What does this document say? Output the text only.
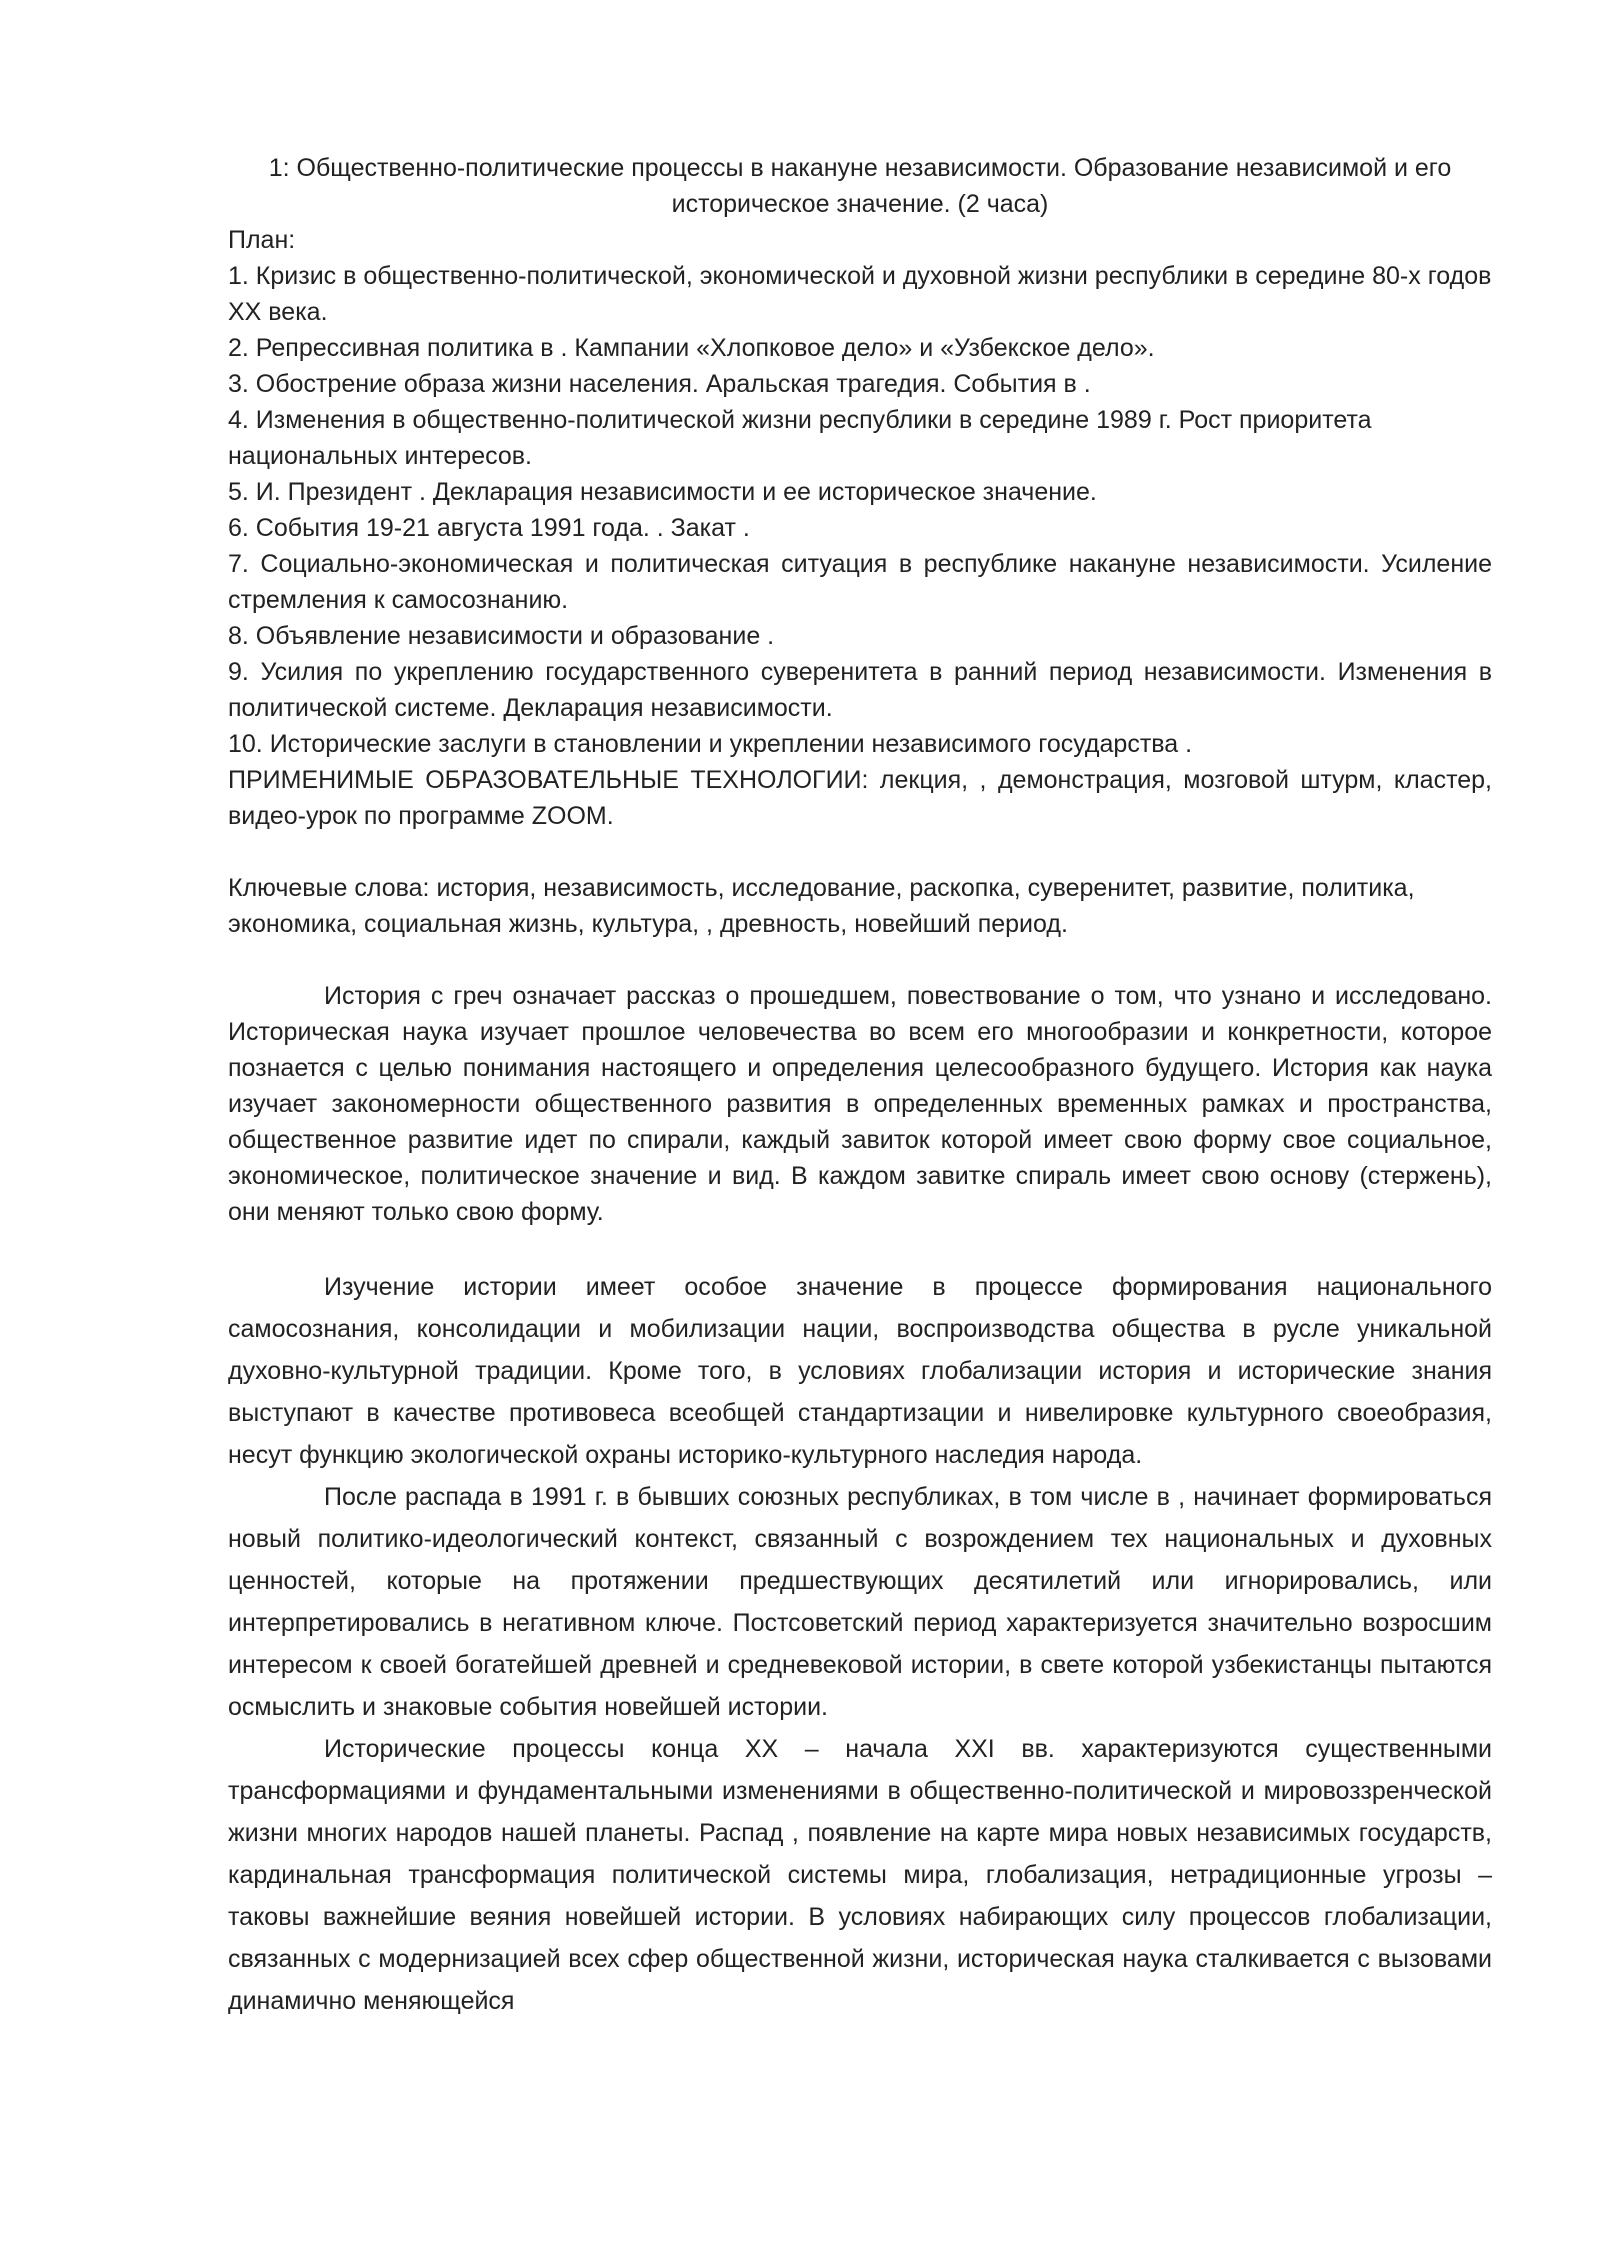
1: Общественно-политические процессы в накануне независимости. Образование независимой и его историческое значение. (2 часа)

План:

1. Кризис в общественно-политической, экономической и духовной жизни республики в середине 80-х годов XX века.

2. Репрессивная политика в . Кампании «Хлопковое дело» и «Узбекское дело».

3. Обострение образа жизни населения. Аральская трагедия. События в .

4. Изменения в общественно-политической жизни республики в середине 1989 г. Рост приоритета национальных интересов.

5. И. Президент . Декларация независимости и ее историческое значение.

6. События 19-21 августа 1991 года. . Закат .

7. Социально-экономическая и политическая ситуация в республике накануне независимости. Усиление стремления к самосознанию.

8. Объявление независимости и образование .

9. Усилия по укреплению государственного суверенитета в ранний период независимости. Изменения в политической системе. Декларация независимости.

10. Исторические заслуги в становлении и укреплении независимого государства .

ПРИМЕНИМЫЕ ОБРАЗОВАТЕЛЬНЫЕ ТЕХНОЛОГИИ: лекция, , демонстрация, мозговой штурм, кластер, видео-урок по программе ZOOM.

Ключевые слова: история, независимость, исследование, раскопка, суверенитет, развитие, политика, экономика, социальная жизнь, культура, , древность, новейший период.

История с греч означает рассказ о прошедшем, повествование о том, что узнано и исследовано. Историческая наука изучает прошлое человечества во всем его многообразии и конкретности, которое познается с целью понимания настоящего и определения целесообразного будущего. История как наука изучает закономерности общественного развития в определенных временных рамках и пространства, общественное развитие идет по спирали, каждый завиток которой имеет свою форму свое социальное, экономическое, политическое значение и вид. В каждом завитке спираль имеет свою основу (стержень), они меняют только свою форму.

Изучение истории имеет особое значение в процессе формирования национального самосознания, консолидации и мобилизации нации, воспроизводства общества в русле уникальной духовно-культурной традиции. Кроме того, в условиях глобализации история и исторические знания выступают в качестве противовеса всеобщей стандартизации и нивелировке культурного своеобразия, несут функцию экологической охраны историко-культурного наследия народа.

После распада в 1991 г. в бывших союзных республиках, в том числе в , начинает формироваться новый политико-идеологический контекст, связанный с возрождением тех национальных и духовных ценностей, которые на протяжении предшествующих десятилетий или игнорировались, или интерпретировались в негативном ключе. Постсоветский период характеризуется значительно возросшим интересом к своей богатейшей древней и средневековой истории, в свете которой узбекистанцы пытаются осмыслить и знаковые события новейшей истории.

Исторические процессы конца XX – начала XXI вв. характеризуются существенными трансформациями и фундаментальными изменениями в общественно-политической и мировоззренческой жизни многих народов нашей планеты. Распад , появление на карте мира новых независимых государств, кардинальная трансформация политической системы мира, глобализация, нетрадиционные угрозы – таковы важнейшие веяния новейшей истории. В условиях набирающих силу процессов глобализации, связанных с модернизацией всех сфер общественной жизни, историческая наука сталкивается с вызовами динамично меняющейся
